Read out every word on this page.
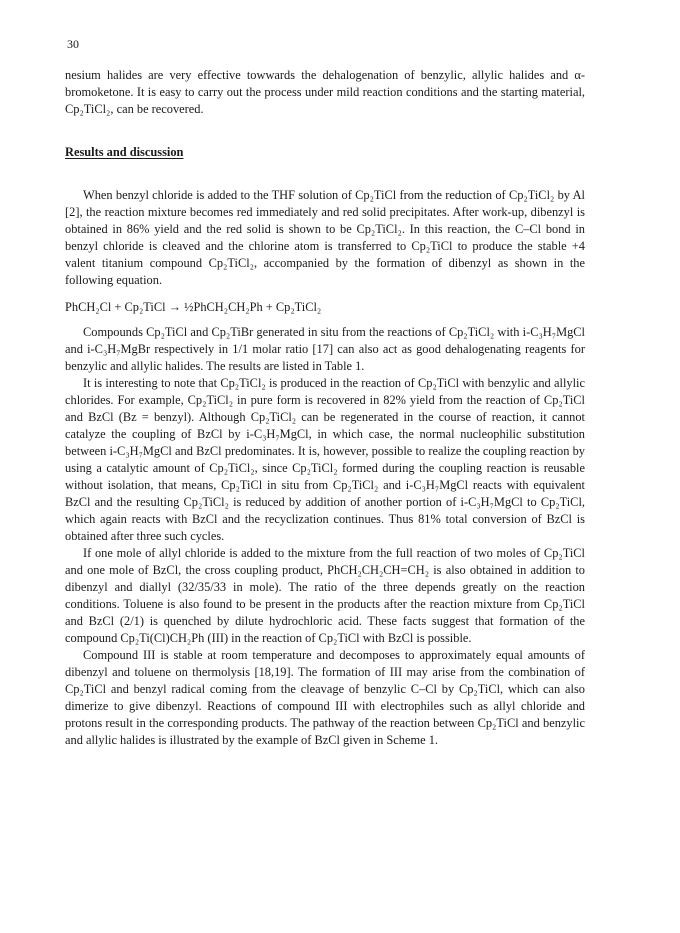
30

nesium halides are very effective towwards the dehalogenation of benzylic, allylic halides and α-bromoketone. It is easy to carry out the process under mild reaction conditions and the starting material, Cp₂TiCl₂, can be recovered.

Results and discussion

When benzyl chloride is added to the THF solution of Cp₂TiCl from the reduction of Cp₂TiCl₂ by Al [2], the reaction mixture becomes red immediately and red solid precipitates. After work-up, dibenzyl is obtained in 86% yield and the red solid is shown to be Cp₂TiCl₂. In this reaction, the C–Cl bond in benzyl chloride is cleaved and the chlorine atom is transferred to Cp₂TiCl to produce the stable +4 valent titanium compound Cp₂TiCl₂, accompanied by the formation of dibenzyl as shown in the following equation.

PhCH₂Cl + Cp₂TiCl → ½PhCH₂CH₂Ph + Cp₂TiCl₂

Compounds Cp₂TiCl and Cp₂TiBr generated in situ from the reactions of Cp₂TiCl₂ with i-C₃H₇MgCl and i-C₃H₇MgBr respectively in 1/1 molar ratio [17] can also act as good dehalogenating reagents for benzylic and allylic halides. The results are listed in Table 1.

It is interesting to note that Cp₂TiCl₂ is produced in the reaction of Cp₂TiCl with benzylic and allylic chlorides. For example, Cp₂TiCl₂ in pure form is recovered in 82% yield from the reaction of Cp₂TiCl and BzCl (Bz = benzyl). Although Cp₂TiCl₂ can be regenerated in the course of reaction, it cannot catalyze the coupling of BzCl by i-C₃H₇MgCl, in which case, the normal nucleophilic substitution between i-C₃H₇MgCl and BzCl predominates. It is, however, possible to realize the coupling reaction by using a catalytic amount of Cp₂TiCl₂, since Cp₂TiCl₂ formed during the coupling reaction is reusable without isolation, that means, Cp₂TiCl in situ from Cp₂TiCl₂ and i-C₃H₇MgCl reacts with equivalent BzCl and the resulting Cp₂TiCl₂ is reduced by addition of another portion of i-C₃H₇MgCl to Cp₂TiCl, which again reacts with BzCl and the recyclization continues. Thus 81% total conversion of BzCl is obtained after three such cycles.

If one mole of allyl chloride is added to the mixture from the full reaction of two moles of Cp₂TiCl and one mole of BzCl, the cross coupling product, PhCH₂CH₂CH=CH₂ is also obtained in addition to dibenzyl and diallyl (32/35/33 in mole). The ratio of the three depends greatly on the reaction conditions. Toluene is also found to be present in the products after the reaction mixture from Cp₂TiCl and BzCl (2/1) is quenched by dilute hydrochloric acid. These facts suggest that formation of the compound Cp₂Ti(Cl)CH₂Ph (III) in the reaction of Cp₂TiCl with BzCl is possible.

Compound III is stable at room temperature and decomposes to approximately equal amounts of dibenzyl and toluene on thermolysis [18,19]. The formation of III may arise from the combination of Cp₂TiCl and benzyl radical coming from the cleavage of benzylic C–Cl by Cp₂TiCl, which can also dimerize to give dibenzyl. Reactions of compound III with electrophiles such as allyl chloride and protons result in the corresponding products. The pathway of the reaction between Cp₂TiCl and benzylic and allylic halides is illustrated by the example of BzCl given in Scheme 1.
